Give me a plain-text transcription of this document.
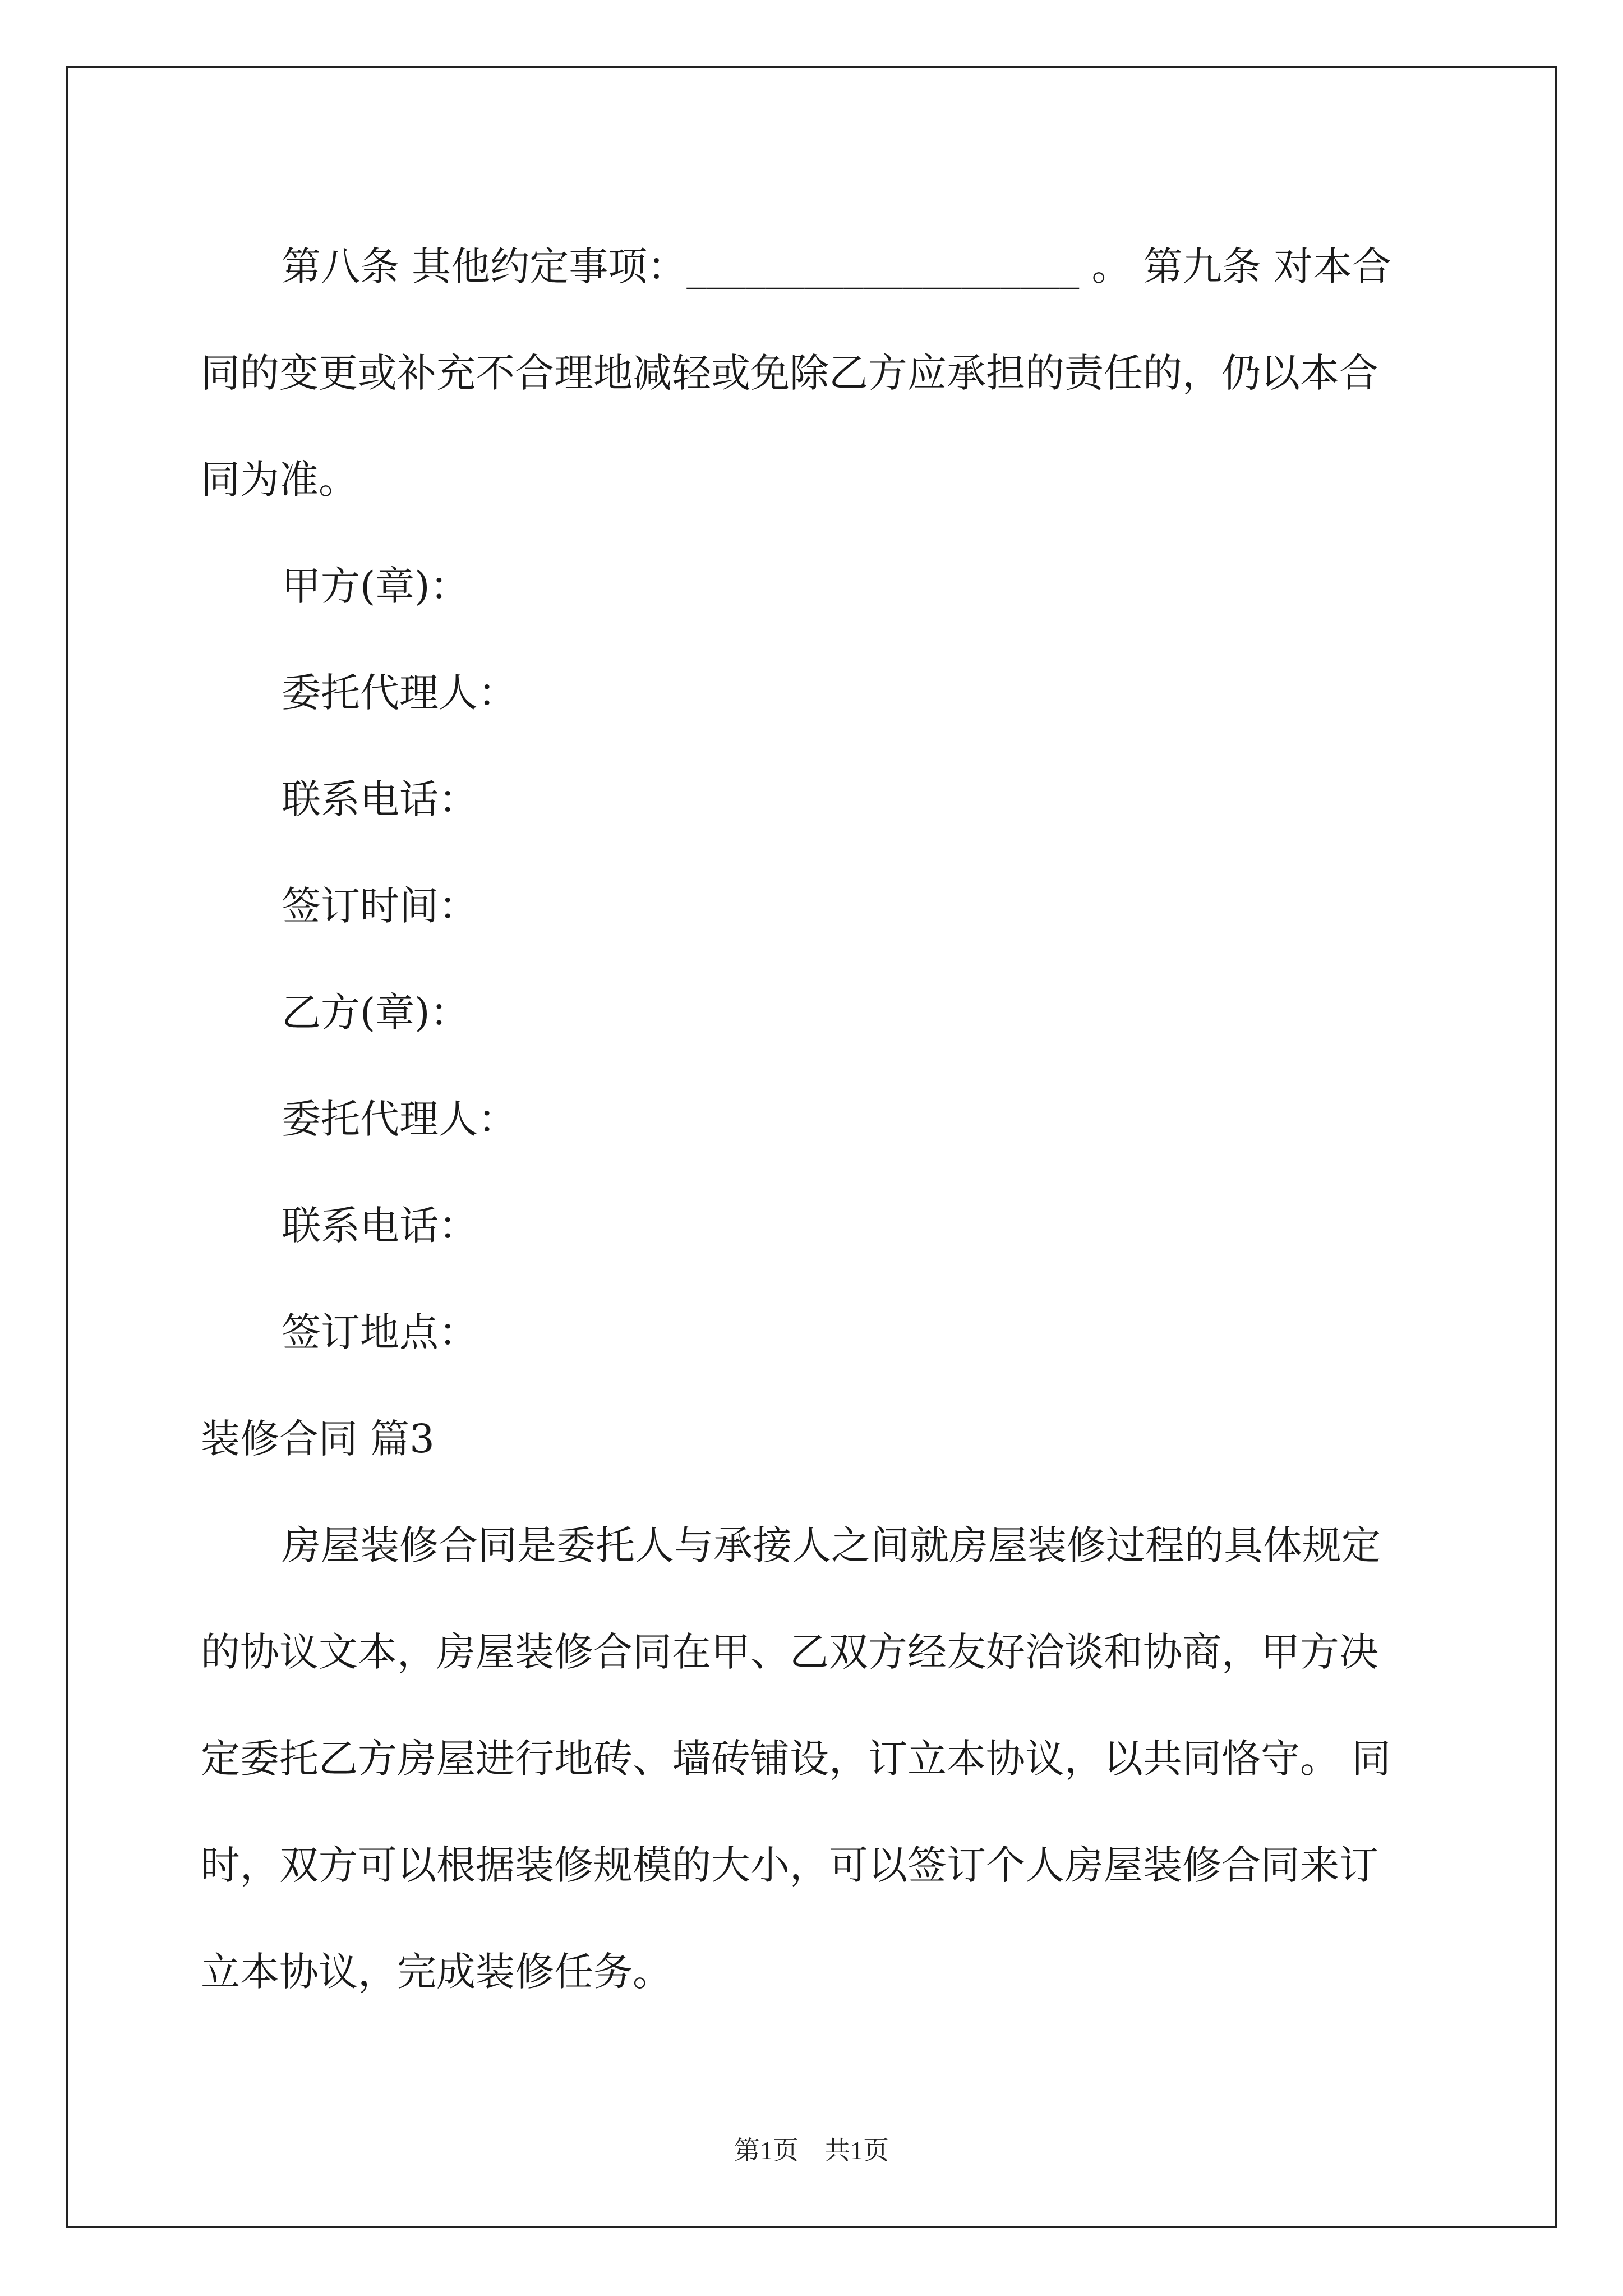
第八条 其他约定事项：____________________ 。 第九条 对本合
同的变更或补充不合理地减轻或免除乙方应承担的责任的，仍以本合
同为准。

甲方(章)：

委托代理人：

联系电话：

签订时间：

乙方(章)：

委托代理人：

联系电话：

签订地点：

装修合同 篇3

房屋装修合同是委托人与承接人之间就房屋装修过程的具体规定
的协议文本，房屋装修合同在甲、乙双方经友好洽谈和协商，甲方决
定委托乙方房屋进行地砖、墙砖铺设，订立本协议，以共同恪守。 同
时，双方可以根据装修规模的大小，可以签订个人房屋装修合同来订
立本协议，完成装修任务。
第1页　共1页
